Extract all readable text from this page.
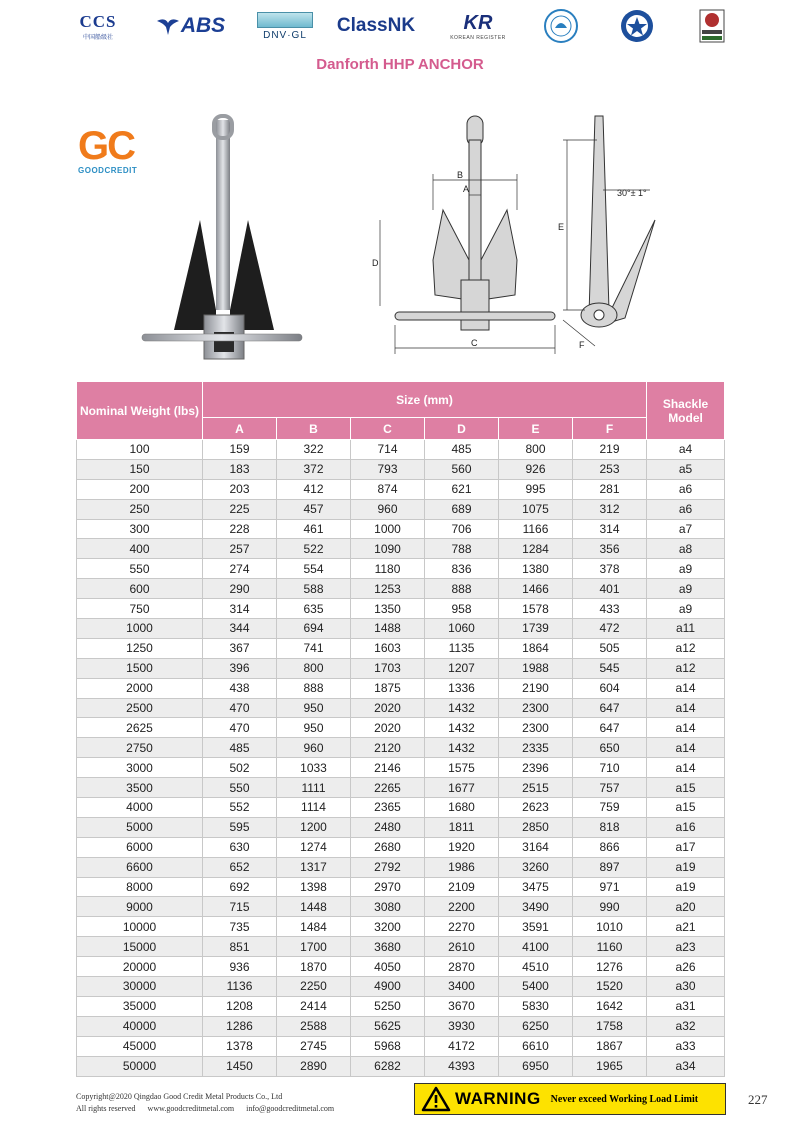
CCS
中国船级社
ABS	DNV·GL ClassNK KR
KOREAN REGISTER
Danforth HHP ANCHOR
GC
GOODCREDIT	B
A
C
D
E
F
30°± 1°
Nominal Weight (lbs)	Size (mm)						Shackle Model
	A	B	C	D	E	F	
100	159	322	714	485	800	219	a4
150	183	372	793	560	926	253	a5
200	203	412	874	621	995	281	a6
250	225	457	960	689	1075	312	a6
300	228	461	1000	706	1166	314	a7
400	257	522	1090	788	1284	356	a8
550	274	554	1180	836	1380	378	a9
600	290	588	1253	888	1466	401	a9
750	314	635	1350	958	1578	433	a9
1000	344	694	1488	1060	1739	472	a11
1250	367	741	1603	1135	1864	505	a12
1500	396	800	1703	1207	1988	545	a12
2000	438	888	1875	1336	2190	604	a14
2500	470	950	2020	1432	2300	647	a14
2625	470	950	2020	1432	2300	647	a14
2750	485	960	2120	1432	2335	650	a14
3000	502	1033	2146	1575	2396	710	a14
3500	550	1111	2265	1677	2515	757	a15
4000	552	1114	2365	1680	2623	759	a15
5000	595	1200	2480	1811	2850	818	a16
6000	630	1274	2680	1920	3164	866	a17
6600	652	1317	2792	1986	3260	897	a19
8000	692	1398	2970	2109	3475	971	a19
9000	715	1448	3080	2200	3490	990	a20
10000	735	1484	3200	2270	3591	1010	a21
15000	851	1700	3680	2610	4100	1160	a23
20000	936	1870	4050	2870	4510	1276	a26
30000	1136	2250	4900	3400	5400	1520	a30
35000	1208	2414	5250	3670	5830	1642	a31
40000	1286	2588	5625	3930	6250	1758	a32
45000	1378	2745	5968	4172	6610	1867	a33
50000	1450	2890	6282	4393	6950	1965	a34
Copyright@2020 Qingdao Good Credit Metal Products Co., Ltd
All rights reserved www.goodcreditmetal.com info@goodcreditmetal.com
WARNING Never exceed Working Load Limit	227
